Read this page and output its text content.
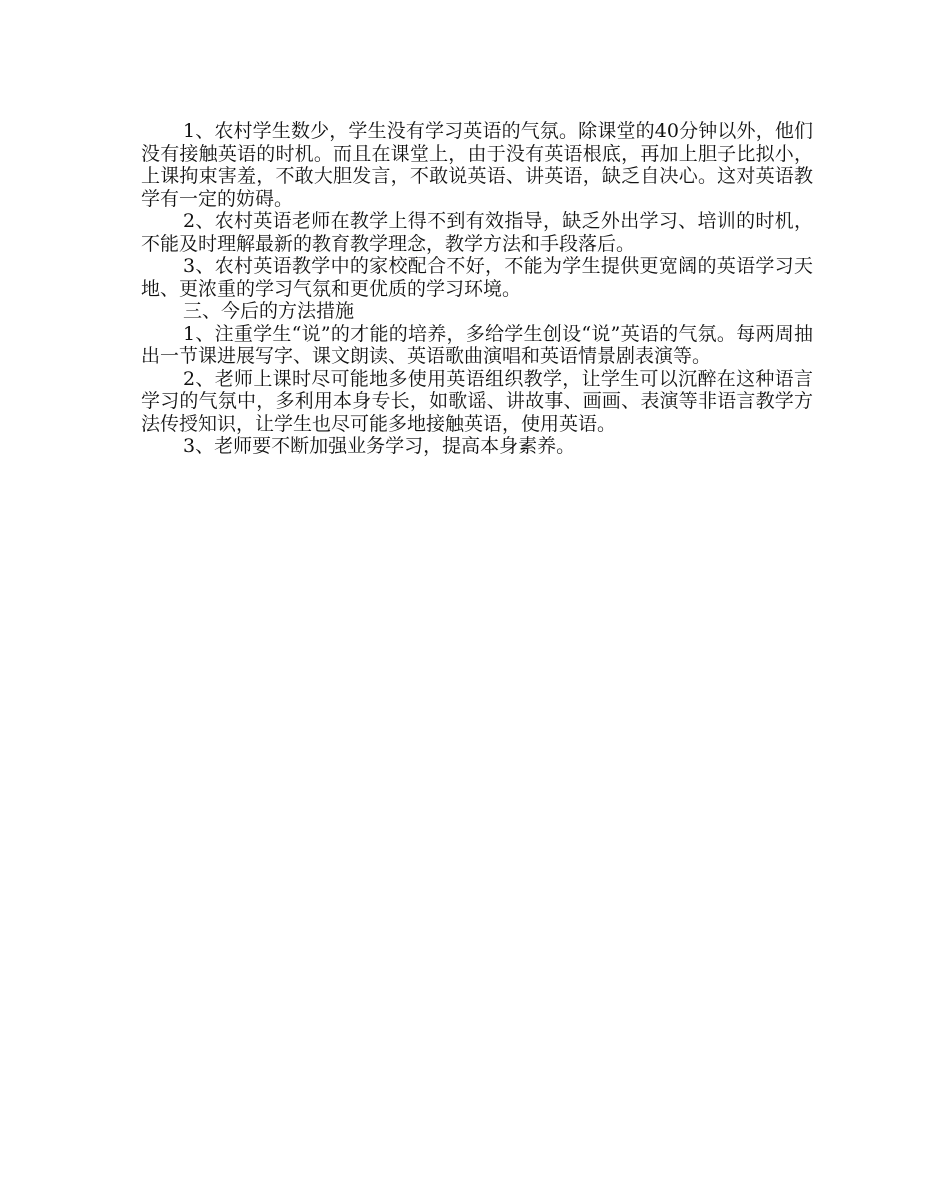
1、农村学生数少，学生没有学习英语的气氛。除课堂的40分钟以外，他们没有接触英语的时机。而且在课堂上，由于没有英语根底，再加上胆子比拟小，上课拘束害羞，不敢大胆发言，不敢说英语、讲英语，缺乏自决心。这对英语教学有一定的妨碍。

2、农村英语老师在教学上得不到有效指导，缺乏外出学习、培训的时机，不能及时理解最新的教育教学理念，教学方法和手段落后。

3、农村英语教学中的家校配合不好，不能为学生提供更宽阔的英语学习天地、更浓重的学习气氛和更优质的学习环境。

三、今后的方法措施

1、注重学生“说”的才能的培养，多给学生创设“说”英语的气氛。每两周抽出一节课进展写字、课文朗读、英语歌曲演唱和英语情景剧表演等。

2、老师上课时尽可能地多使用英语组织教学，让学生可以沉醉在这种语言学习的气氛中，多利用本身专长，如歌谣、讲故事、画画、表演等非语言教学方法传授知识，让学生也尽可能多地接触英语，使用英语。

3、老师要不断加强业务学习，提高本身素养。
